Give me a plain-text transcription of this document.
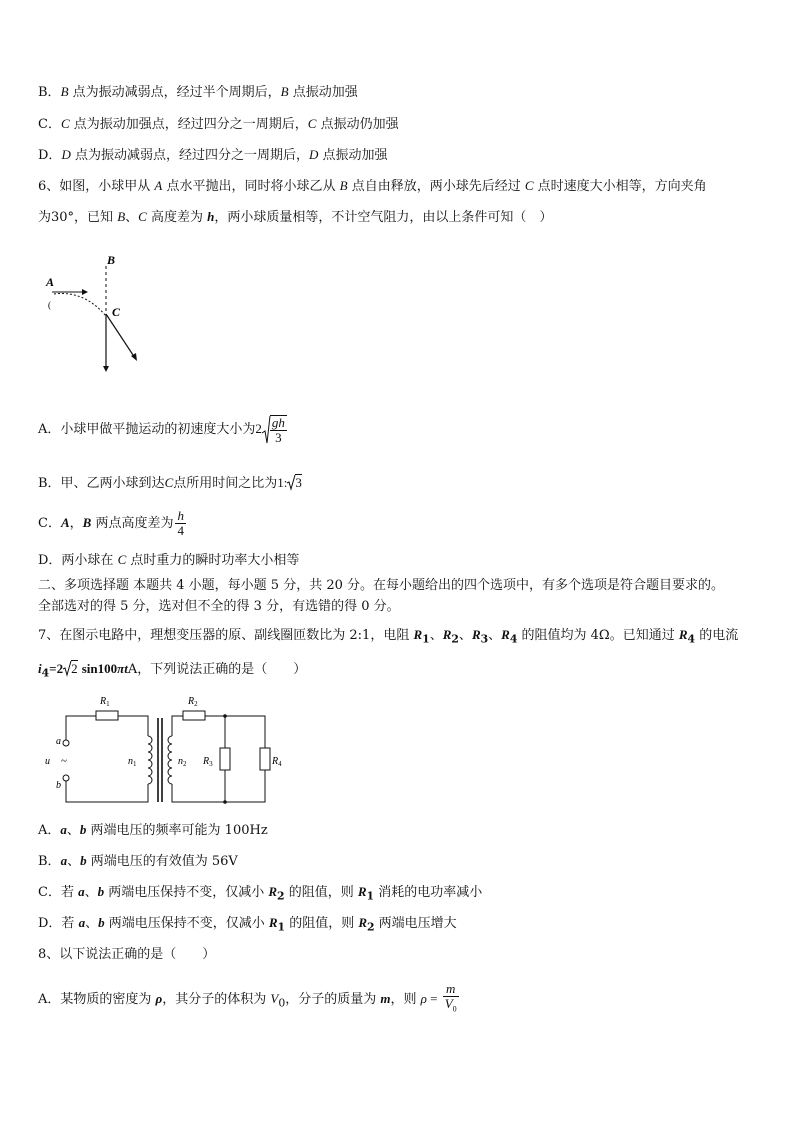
B．B 点为振动减弱点，经过半个周期后，B 点振动加强
C．C 点为振动加强点，经过四分之一周期后，C 点振动仍加强
D．D 点为振动减弱点，经过四分之一周期后，D 点振动加强
6、如图，小球甲从 A 点水平抛出，同时将小球乙从 B 点自由释放，两小球先后经过 C 点时速度大小相等，方向夹角
为30°，已知 B、C 高度差为 h，两小球质量相等，不计空气阻力，由以上条件可知（　）
B
A
(	C
A．小球甲做平抛运动的初速度大小为$2 \frac{gh}{3}$
B．甲、乙两小球到达C点所用时间之比为1: 3
C．A，B 两点高度差为 $\frac{h}{4}$
D．两小球在 C 点时重力的瞬时功率大小相等
二、多项选择题 本题共 4 小题，每小题 5 分，共 20 分。在每小题给出的四个选项中，有多个选项是符合题目要求的。
全部选对的得 5 分，选对但不全的得 3 分，有选错的得 0 分。
7、在图示电路中，理想变压器的原、副线圈匝数比为 2:1，电阻 $R_1$、$R_2$、$R_3$、$R_4$ 的阻值均为 4Ω。已知通过 $R_4$ 的电流
$i_4=2$ 2 sin100πtA，下列说法正确的是（　　）
$R_1$
a
b
u ~	$n_1$	$n_2$
$R_2$
$R_3$	$R_4$
A．a、b 两端电压的频率可能为 100Hz
B．a、b 两端电压的有效值为 56V
C．若 a、b 两端电压保持不变，仅减小 $R_2$ 的阻值，则 $R_1$ 消耗的电功率减小
D．若 a、b 两端电压保持不变，仅减小 $R_1$ 的阻值，则 $R_2$ 两端电压增大
8、以下说法正确的是（　　）
A．某物质的密度为 ρ，其分子的体积为 $V_0$，分子的质量为 m，则 $\rho = \frac{m}{V_0}$
